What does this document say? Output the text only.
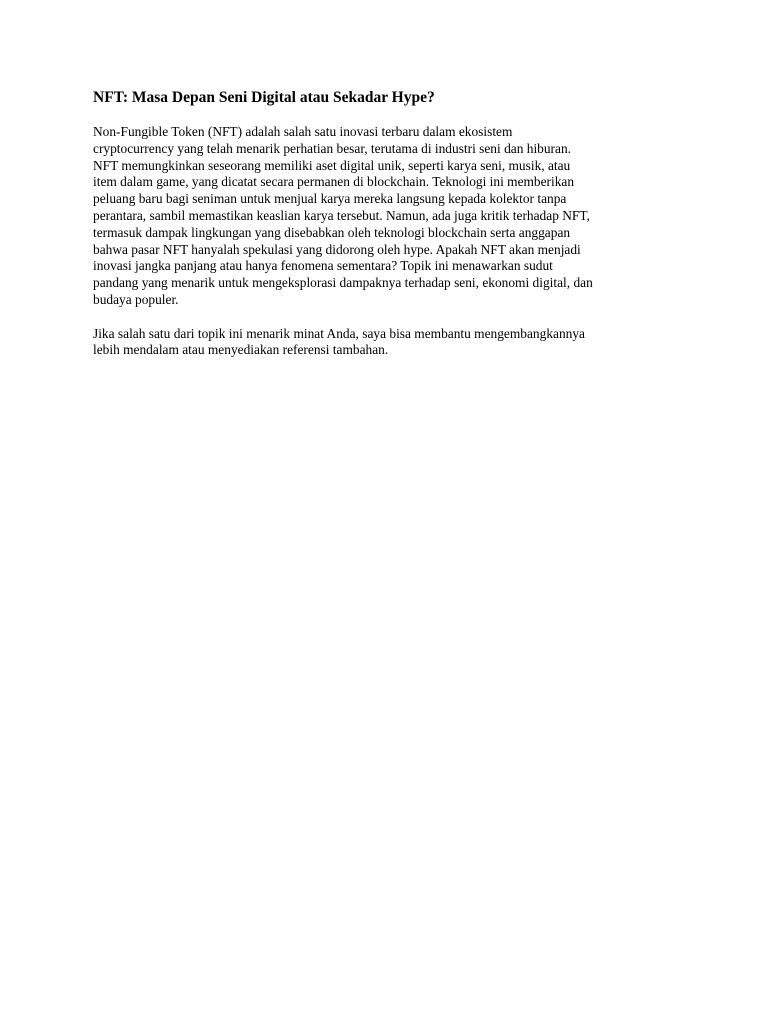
NFT: Masa Depan Seni Digital atau Sekadar Hype?
Non-Fungible Token (NFT) adalah salah satu inovasi terbaru dalam ekosistem
cryptocurrency yang telah menarik perhatian besar, terutama di industri seni dan hiburan.
NFT memungkinkan seseorang memiliki aset digital unik, seperti karya seni, musik, atau
item dalam game, yang dicatat secara permanen di blockchain. Teknologi ini memberikan
peluang baru bagi seniman untuk menjual karya mereka langsung kepada kolektor tanpa
perantara, sambil memastikan keaslian karya tersebut. Namun, ada juga kritik terhadap NFT,
termasuk dampak lingkungan yang disebabkan oleh teknologi blockchain serta anggapan
bahwa pasar NFT hanyalah spekulasi yang didorong oleh hype. Apakah NFT akan menjadi
inovasi jangka panjang atau hanya fenomena sementara? Topik ini menawarkan sudut
pandang yang menarik untuk mengeksplorasi dampaknya terhadap seni, ekonomi digital, dan
budaya populer.
Jika salah satu dari topik ini menarik minat Anda, saya bisa membantu mengembangkannya
lebih mendalam atau menyediakan referensi tambahan.
